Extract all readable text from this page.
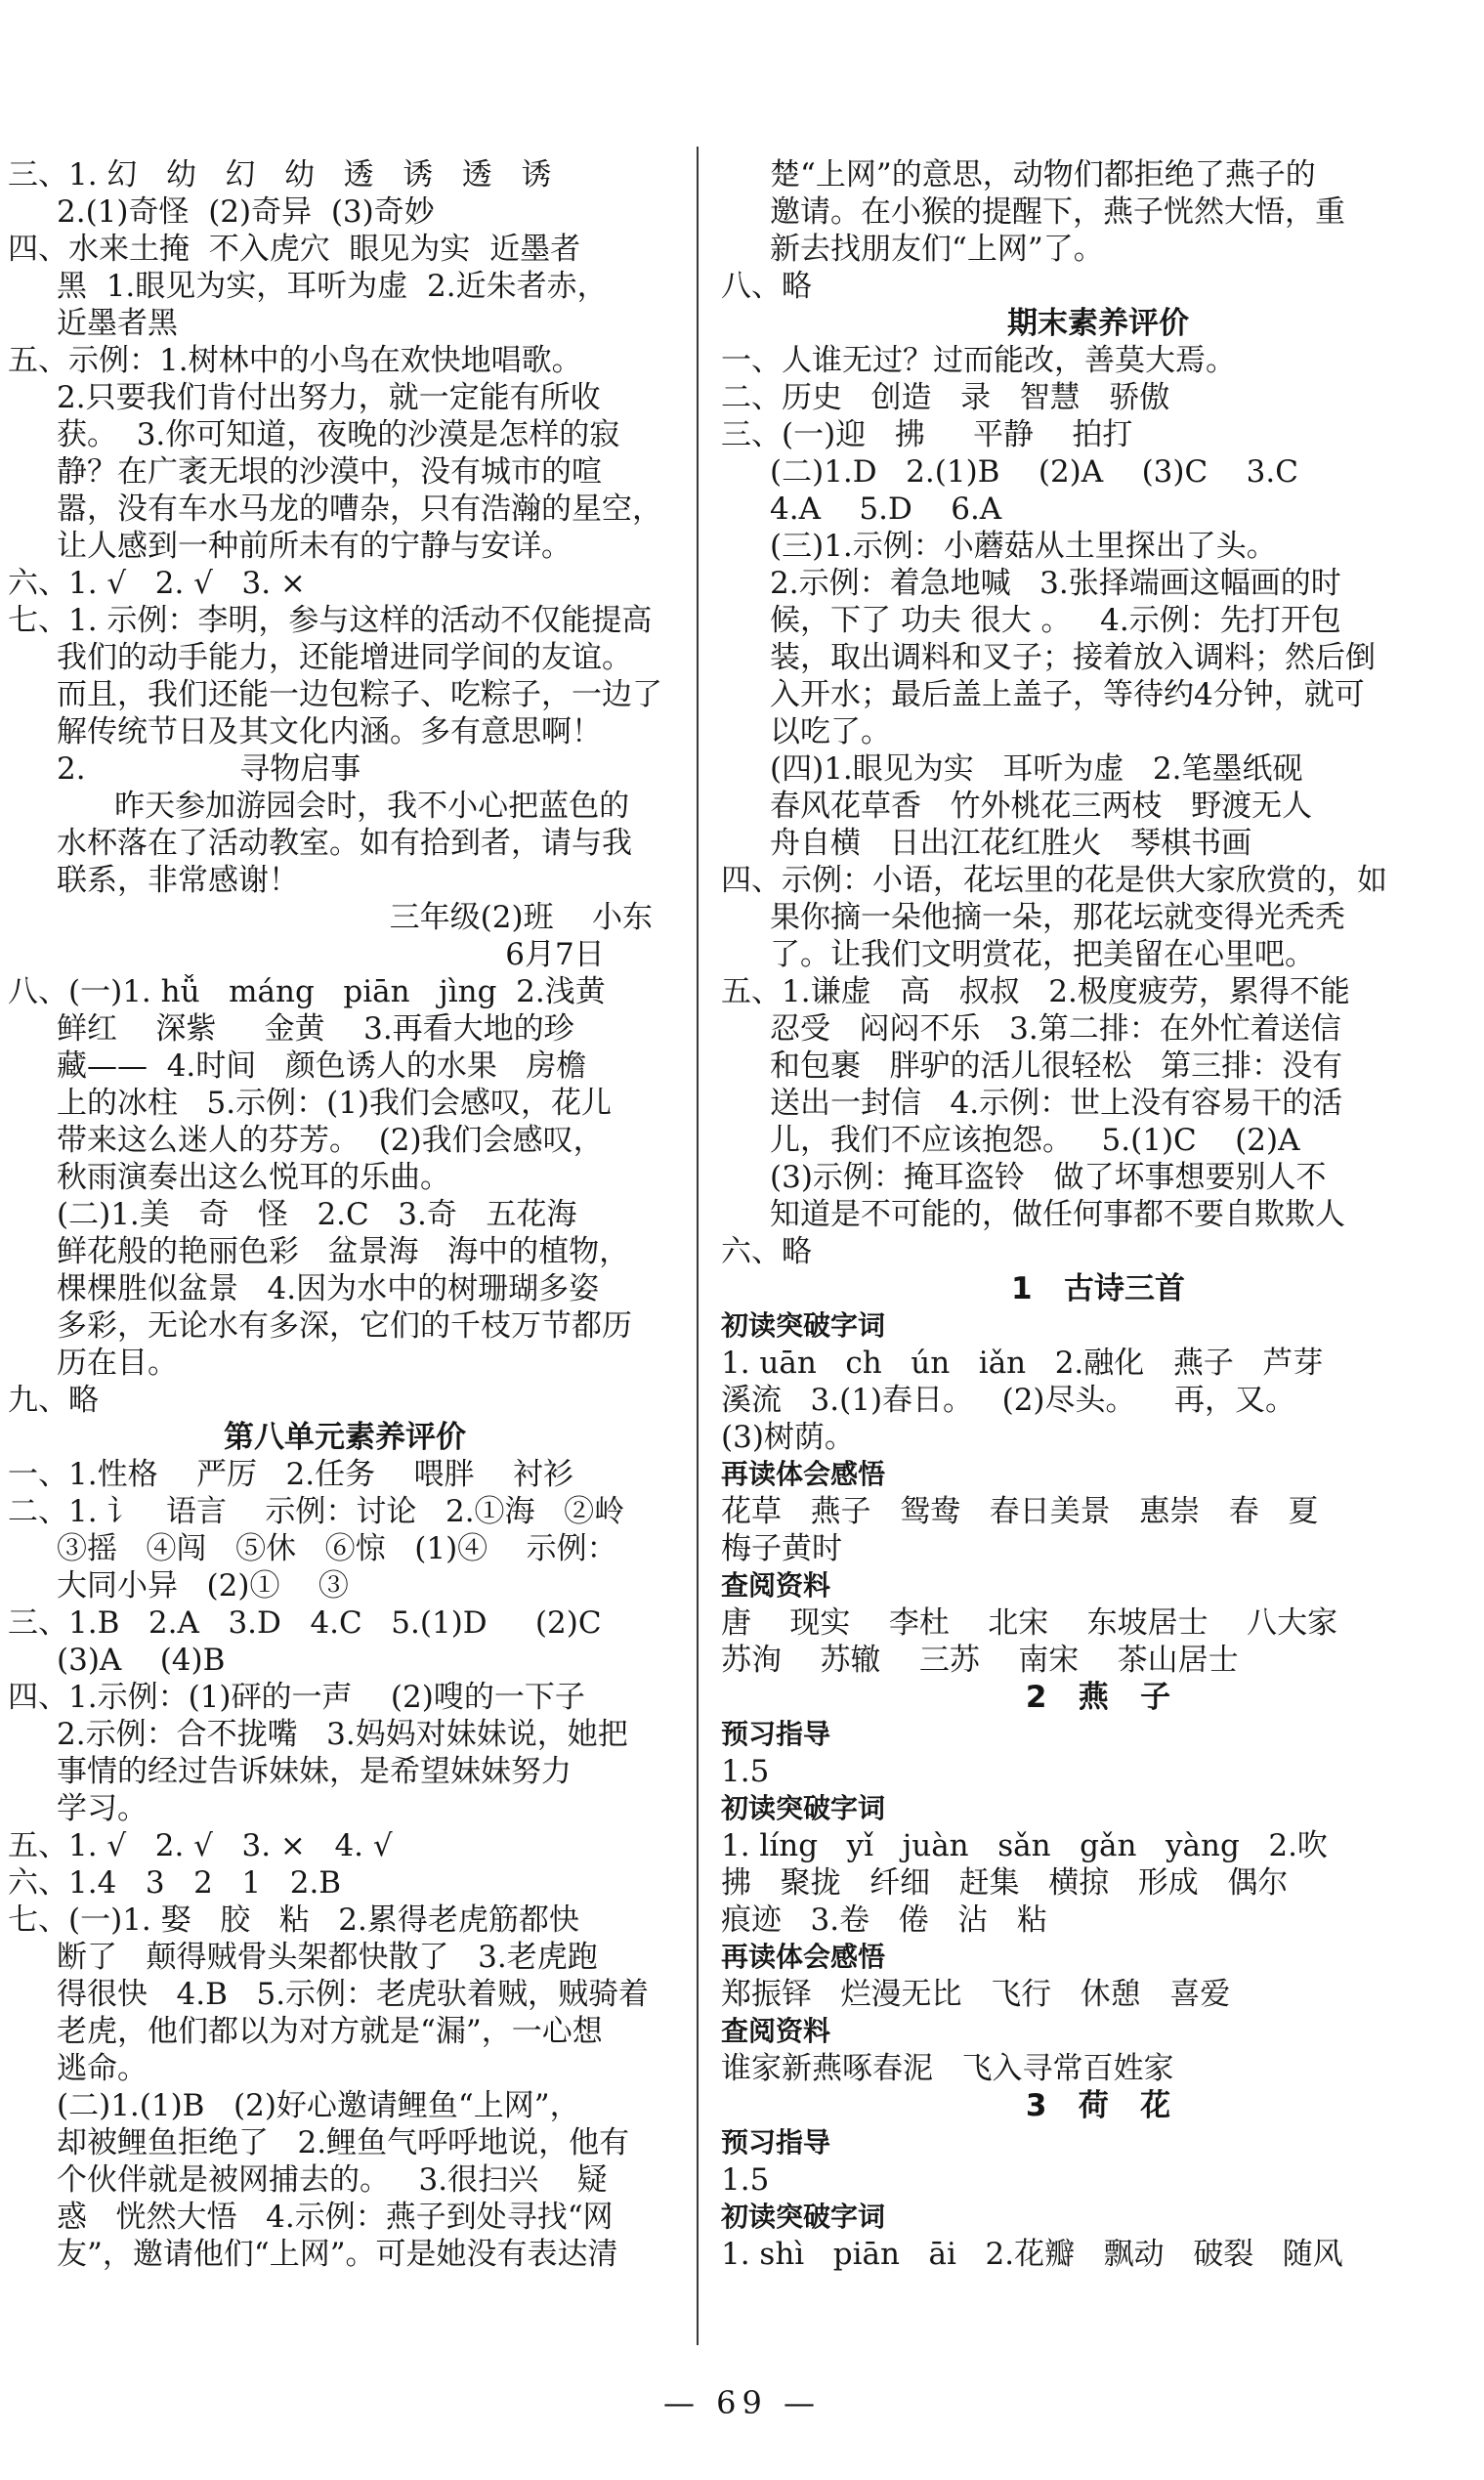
三、1. 幻   幼   幻   幼   透   诱   透   诱
2.(1)奇怪  (2)奇异  (3)奇妙
四、水来土掩  不入虎穴  眼见为实  近墨者
黑  1.眼见为实，耳听为虚  2.近朱者赤，
近墨者黑
五、示例：1.树林中的小鸟在欢快地唱歌。
2.只要我们肯付出努力，就一定能有所收
获。  3.你可知道，夜晚的沙漠是怎样的寂
静？在广袤无垠的沙漠中，没有城市的喧
嚣，没有车水马龙的嘈杂，只有浩瀚的星空，
让人感到一种前所未有的宁静与安详。
六、1. √   2. √   3. ×
七、1. 示例：李明，参与这样的活动不仅能提高
我们的动手能力，还能增进同学间的友谊。
而且，我们还能一边包粽子、吃粽子，一边了
解传统节日及其文化内涵。多有意思啊！
2.                寻物启事
昨天参加游园会时，我不小心把蓝色的
水杯落在了活动教室。如有拾到者，请与我
联系，非常感谢！
三年级(2)班    小东
6月7日
八、(一)1. hǚ   máng   piān   jìng  2.浅黄
鲜红    深紫     金黄    3.再看大地的珍
藏——  4.时间   颜色诱人的水果   房檐
上的冰柱   5.示例：(1)我们会感叹，花儿
带来这么迷人的芬芳。  (2)我们会感叹，
秋雨演奏出这么悦耳的乐曲。
(二)1.美   奇   怪   2.C   3.奇   五花海
鲜花般的艳丽色彩   盆景海   海中的植物，
棵棵胜似盆景   4.因为水中的树珊瑚多姿
多彩，无论水有多深，它们的千枝万节都历
历在目。
九、略
第八单元素养评价
一、1.性格    严厉   2.任务    喂胖    衬衫
二、1. 讠   语言    示例：讨论   2.①海   ②岭
③摇   ④闯   ⑤休   ⑥惊   (1)④    示例：
大同小异   (2)①    ③
三、1.B   2.A   3.D   4.C   5.(1)D     (2)C
(3)A    (4)B
四、1.示例：(1)砰的一声    (2)嗖的一下子
2.示例：合不拢嘴   3.妈妈对妹妹说，她把
事情的经过告诉妹妹，是希望妹妹努力
学习。
五、1. √   2. √   3. ×   4. √
六、1.4   3   2   1   2.B
七、(一)1. 娶   胶   粘   2.累得老虎筋都快
断了   颠得贼骨头架都快散了   3.老虎跑
得很快   4.B   5.示例：老虎驮着贼，贼骑着
老虎，他们都以为对方就是“漏”，一心想
逃命。
(二)1.(1)B   (2)好心邀请鲤鱼“上网”，
却被鲤鱼拒绝了   2.鲤鱼气呼呼地说，他有
个伙伴就是被网捕去的。   3.很扫兴    疑
惑   恍然大悟   4.示例：燕子到处寻找“网
友”，邀请他们“上网”。可是她没有表达清
楚“上网”的意思，动物们都拒绝了燕子的
邀请。在小猴的提醒下，燕子恍然大悟，重
新去找朋友们“上网”了。
八、略
期末素养评价
一、人谁无过？过而能改，善莫大焉。
二、历史   创造   录   智慧   骄傲
三、(一)迎   拂     平静    拍打
(二)1.D   2.(1)B    (2)A    (3)C    3.C
4.A    5.D    6.A
(三)1.示例：小蘑菇从土里探出了头。
2.示例：着急地喊   3.张择端画这幅画的时
候，下了 功夫 很大 。   4.示例：先打开包
装，取出调料和叉子；接着放入调料；然后倒
入开水；最后盖上盖子，等待约4分钟，就可
以吃了。
(四)1.眼见为实   耳听为虚   2.笔墨纸砚
春风花草香   竹外桃花三两枝   野渡无人
舟自横   日出江花红胜火   琴棋书画
四、示例：小语，花坛里的花是供大家欣赏的，如
果你摘一朵他摘一朵，那花坛就变得光秃秃
了。让我们文明赏花，把美留在心里吧。
五、1.谦虚   高   叔叔   2.极度疲劳，累得不能
忍受   闷闷不乐   3.第二排：在外忙着送信
和包裹   胖驴的活儿很轻松   第三排：没有
送出一封信   4.示例：世上没有容易干的活
儿，我们不应该抱怨。   5.(1)C    (2)A
(3)示例：掩耳盗铃   做了坏事想要别人不
知道是不可能的，做任何事都不要自欺欺人
六、略
1   古诗三首
初读突破字词
1. uān   ch   ún   iǎn   2.融化   燕子   芦芽
溪流   3.(1)春日。   (2)尽头。    再，又。
(3)树荫。
再读体会感悟
花草   燕子   鸳鸯   春日美景   惠崇   春   夏
梅子黄时
查阅资料
唐    现实    李杜    北宋    东坡居士    八大家
苏洵    苏辙    三苏    南宋    茶山居士
2   燕   子
预习指导
1.5
初读突破字词
1. líng   yǐ   juàn   sǎn   gǎn   yàng   2.吹
拂   聚拢   纤细   赶集   横掠   形成   偶尔
痕迹   3.卷   倦   沾   粘
再读体会感悟
郑振铎   烂漫无比   飞行   休憩   喜爱
查阅资料
谁家新燕啄春泥   飞入寻常百姓家
3   荷   花
预习指导
1.5
初读突破字词
1. shì   piān   āi   2.花瓣   飘动   破裂   随风
— 69 —
